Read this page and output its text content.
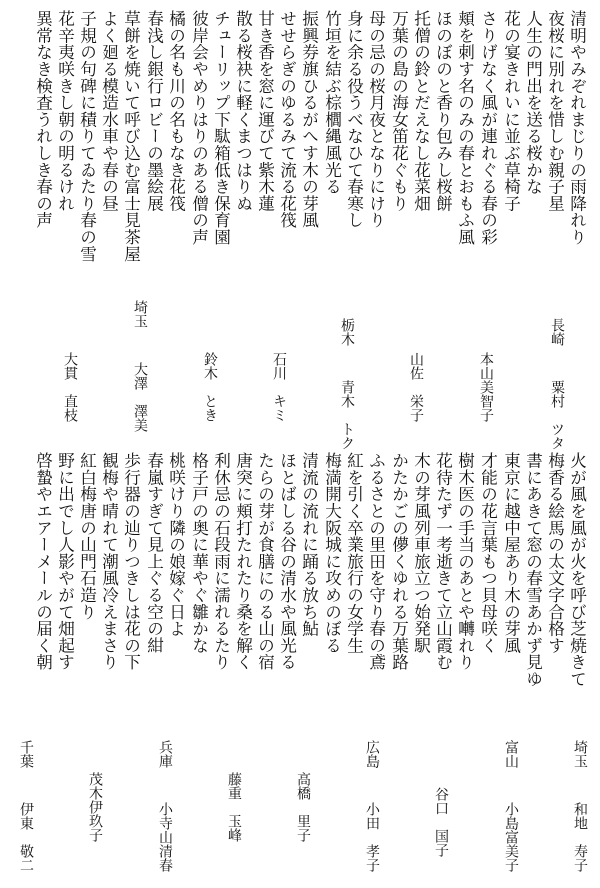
清明やみぞれまじりの雨降れり
夜桜に別れを惜しむ親子星
人生の門出を送る桜かな
花の宴きれいに並ぶ草椅子
さりげなく風が連れぐる春の彩
頬を刺す名のみの春とおもふ風
ほのぼのと香り包みし桜餅
托僧の鈴とだえなし花菜畑
万葉の島の海女笛花ぐもり
母の忌の桜月夜となりにけり
身に余る役うべなひて春寒し
竹垣を結ぶ棕櫚縄風光る
振興券旗ひるがへす木の芽風
せせらぎのゆるみて流る花筏
甘き香を窓に運びて紫木蓮
散る桜袂に軽くまつはりぬ
チューリップ下駄箱低き保育園
彼岸会やめりはりのある僧の声
橘の名も川の名もなき花筏
春浅し銀行ロビーの墨絵展
草餅を焼いて呼び込む富士見茶屋
よく廻る模造水車や春の昼
子規の句碑に積りてゐたり春の雪
花辛夷咲きし朝の明るけれ
異常なき検査うれしき春の声
長崎粟村　ツタ
本山美智子
山佐　栄子
栃木青木　トク
石川　キミ
鈴木　とき
埼玉大澤　澤美
大貫　直枝
火が風を風が火を呼び芝焼きて
梅香る絵馬の太文字合格す
書にあきて窓の春雪あかず見ゆ
東京に越中屋あり木の芽風
才能の花言葉もつ貝母咲く
樹木医の手当のあとや囀れり
花待たず一考逝きて立山霞む
木の芽風列車旅立つ始発駅
かたかごの儚くゆれる万葉路
ふるさとの里田を守り春の鳶
紅を引く卒業旅行の女学生
梅満開大阪城に攻めのぼる
清流の流れに踊る放ち鮎
ほとばしる谷の清水や風光る
たらの芽が食膳にのる山の宿
唐突に頬打たれたり桑を解く
利休忌の石段雨に濡れるたり
格子戸の奥に華やぐ雛かな
桃咲けり隣の娘嫁ぐ日よ
春嵐すぎて見上ぐる空の紺
歩行器の辿りつきしは花の下
観梅や晴れて潮風冷えまさり
紅白梅唐の山門石造り
野に出でし人影やがて畑起す
啓蟄やエアーメールの届く朝
埼玉和地　寿子
富山小島富美子
谷口　国子
広島小田　孝子
高橋　里子
藤重　玉峰
兵庫小寺山清春
茂木伊玖子
千葉伊東　敬二
